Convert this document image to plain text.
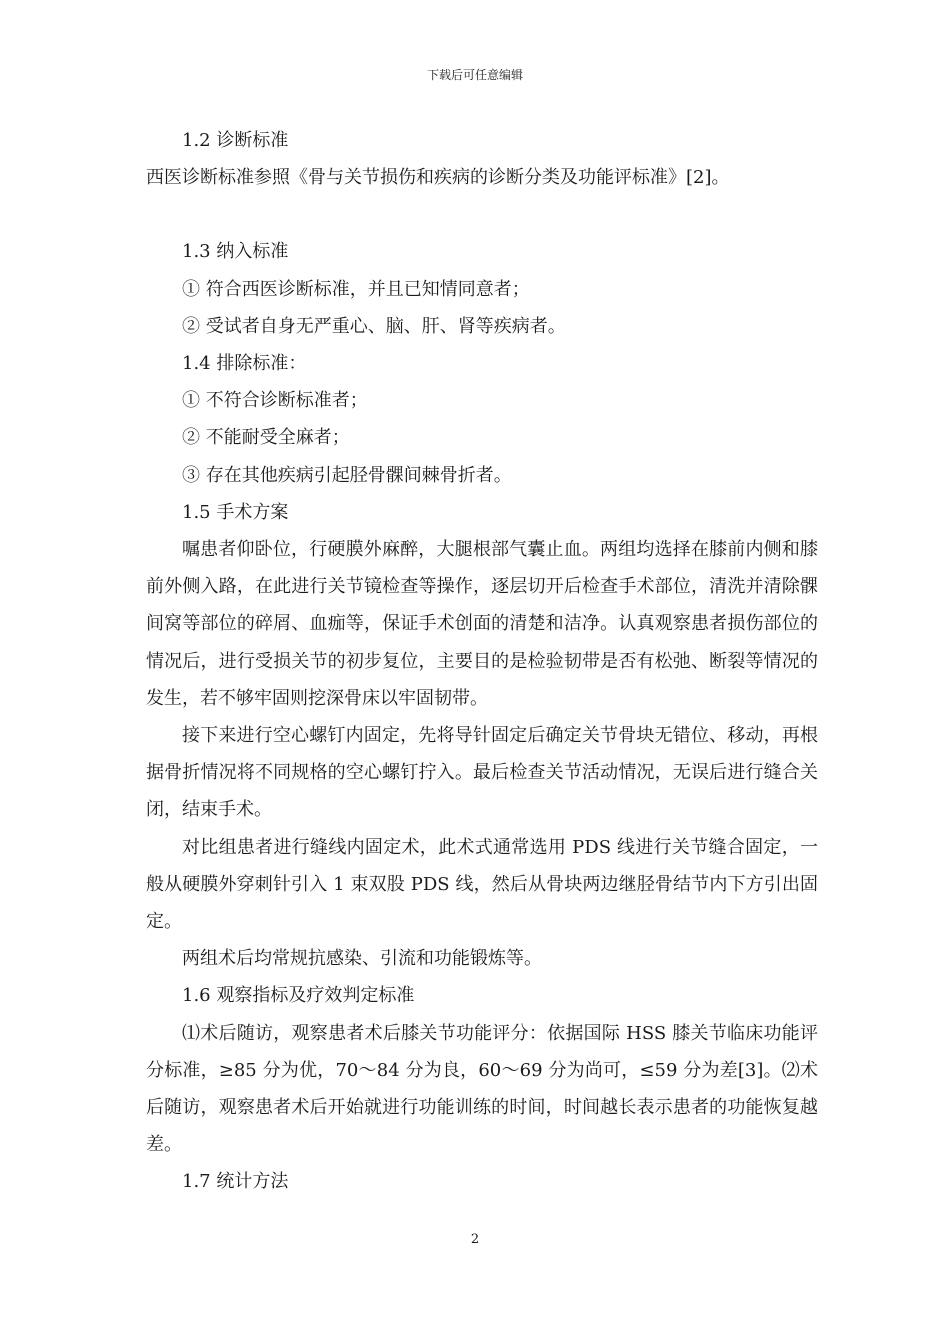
下载后可任意编辑

1.2 诊断标准

西医诊断标准参照《骨与关节损伤和疾病的诊断分类及功能评标准》[2]。

1.3 纳入标准

① 符合西医诊断标准，并且已知情同意者；

② 受试者自身无严重心、脑、肝、肾等疾病者。

1.4 排除标准：

① 不符合诊断标准者；

② 不能耐受全麻者；

③ 存在其他疾病引起胫骨髁间棘骨折者。

1.5 手术方案

嘱患者仰卧位，行硬膜外麻醉，大腿根部气囊止血。两组均选择在膝前内侧和膝前外侧入路，在此进行关节镜检查等操作，逐层切开后检查手术部位，清洗并清除髁间窝等部位的碎屑、血痂等，保证手术创面的清楚和洁净。认真观察患者损伤部位的情况后，进行受损关节的初步复位，主要目的是检验韧带是否有松弛、断裂等情况的发生，若不够牢固则挖深骨床以牢固韧带。

接下来进行空心螺钉内固定，先将导针固定后确定关节骨块无错位、移动，再根据骨折情况将不同规格的空心螺钉拧入。最后检查关节活动情况，无误后进行缝合关闭，结束手术。

对比组患者进行缝线内固定术，此术式通常选用 PDS 线进行关节缝合固定，一般从硬膜外穿刺针引入 1 束双股 PDS 线，然后从骨块两边继胫骨结节内下方引出固定。

两组术后均常规抗感染、引流和功能锻炼等。

1.6 观察指标及疗效判定标准

⑴术后随访，观察患者术后膝关节功能评分：依据国际 HSS 膝关节临床功能评分标准，≥85 分为优，70～84 分为良，60～69 分为尚可，≤59 分为差[3]。⑵术后随访，观察患者术后开始就进行功能训练的时间，时间越长表示患者的功能恢复越差。

1.7 统计方法

2
